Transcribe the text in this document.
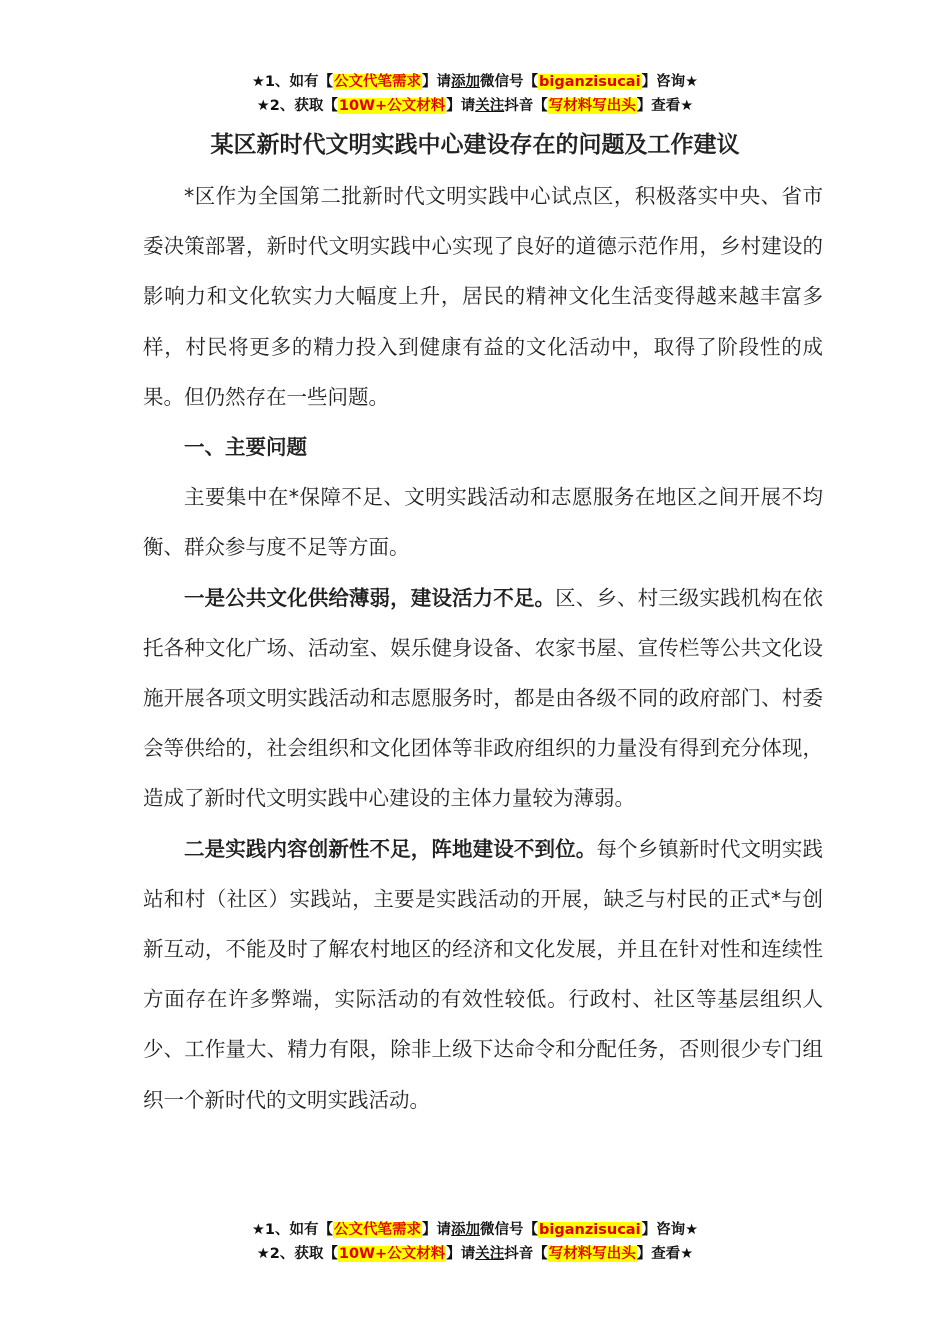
★1、如有【公文代笔需求】请添加微信号【biganzisucai】咨询★
★2、获取【10W+公文材料】请关注抖音【写材料写出头】查看★
某区新时代文明实践中心建设存在的问题及工作建议

*区作为全国第二批新时代文明实践中心试点区，积极落实中央、省市委决策部署，新时代文明实践中心实现了良好的道德示范作用，乡村建设的影响力和文化软实力大幅度上升，居民的精神文化生活变得越来越丰富多样，村民将更多的精力投入到健康有益的文化活动中，取得了阶段性的成果。但仍然存在一些问题。

一、主要问题

主要集中在*保障不足、文明实践活动和志愿服务在地区之间开展不均衡、群众参与度不足等方面。

一是公共文化供给薄弱，建设活力不足。区、乡、村三级实践机构在依托各种文化广场、活动室、娱乐健身设备、农家书屋、宣传栏等公共文化设施开展各项文明实践活动和志愿服务时，都是由各级不同的政府部门、村委会等供给的，社会组织和文化团体等非政府组织的力量没有得到充分体现，造成了新时代文明实践中心建设的主体力量较为薄弱。

二是实践内容创新性不足，阵地建设不到位。每个乡镇新时代文明实践站和村（社区）实践站，主要是实践活动的开展，缺乏与村民的正式*与创新互动，不能及时了解农村地区的经济和文化发展，并且在针对性和连续性方面存在许多弊端，实际活动的有效性较低。行政村、社区等基层组织人少、工作量大、精力有限，除非上级下达命令和分配任务，否则很少专门组织一个新时代的文明实践活动。

★1、如有【公文代笔需求】请添加微信号【biganzisucai】咨询★
★2、获取【10W+公文材料】请关注抖音【写材料写出头】查看★
